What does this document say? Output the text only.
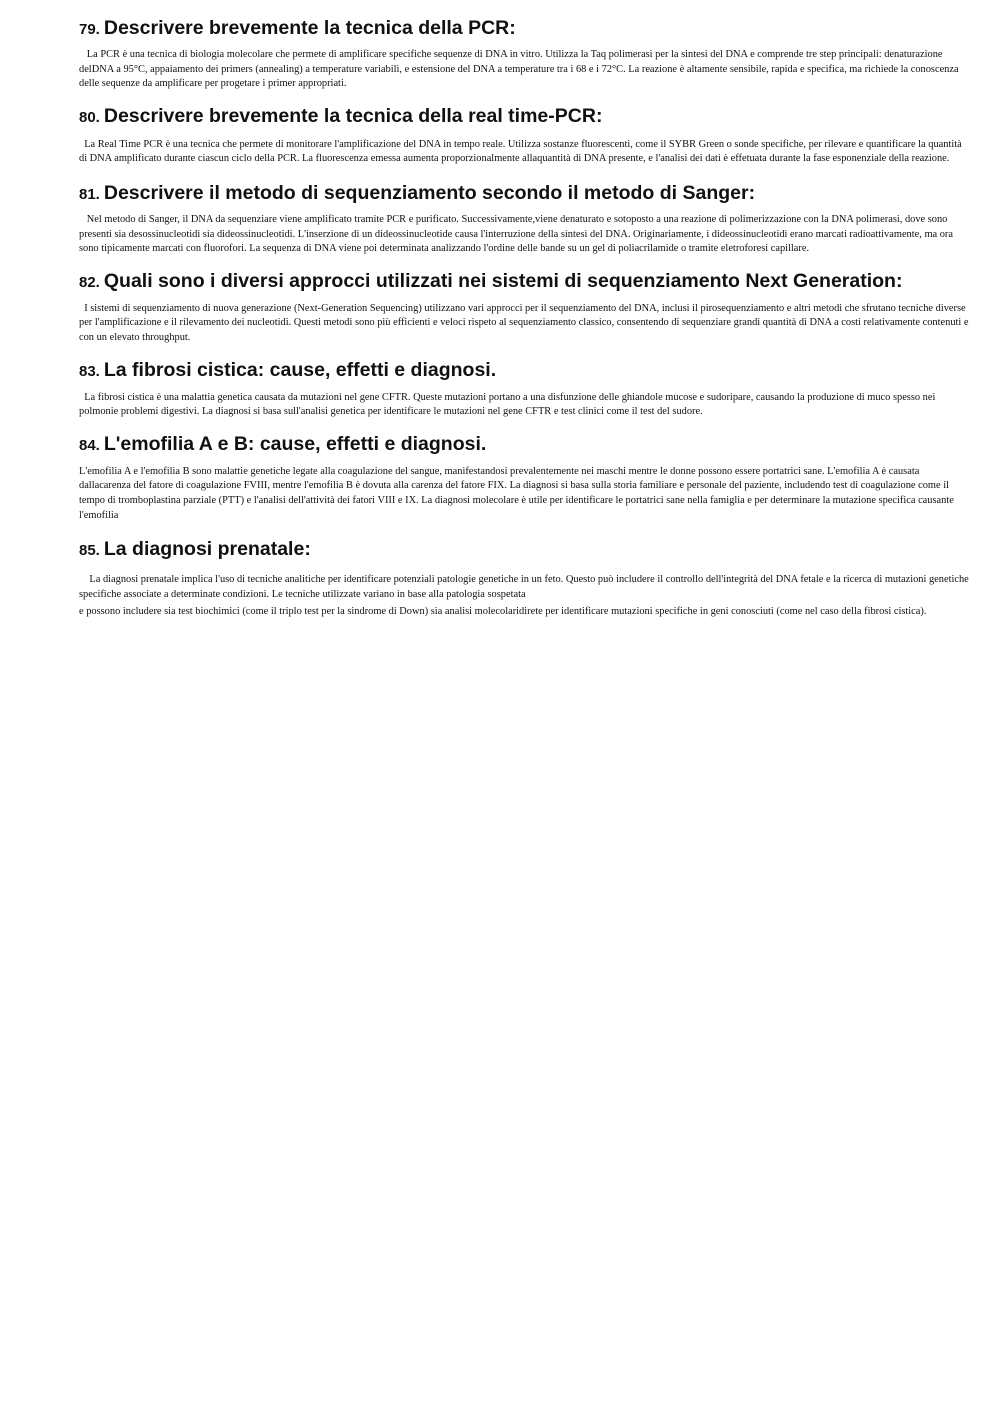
79. Descrivere brevemente la tecnica della PCR:

La PCR è una tecnica di biologia molecolare che permete di amplificare specifiche sequenze di DNA in vitro. Utilizza la Taq polimerasi per la sintesi del DNA e comprende tre step principali: denaturazione delDNA a 95°C, appaiamento dei primers (annealing) a temperature variabili, e estensione del DNA a temperature tra i 68 e i 72°C. La reazione è altamente sensibile, rapida e specifica, ma richiede la conoscenza delle sequenze da amplificare per progetare i primer appropriati.

80. Descrivere brevemente la tecnica della real time-PCR:

La Real Time PCR è una tecnica che permete di monitorare l'amplificazione del DNA in tempo reale. Utilizza sostanze fluorescenti, come il SYBR Green o sonde specifiche, per rilevare e quantificare la quantità di DNA amplificato durante ciascun ciclo della PCR. La fluorescenza emessa aumenta proporzionalmente allaquantità di DNA presente, e l'analisi dei dati è effetuata durante la fase esponenziale della reazione.

81. Descrivere il metodo di sequenziamento secondo il metodo di Sanger:

Nel metodo di Sanger, il DNA da sequenziare viene amplificato tramite PCR e purificato. Successivamente,viene denaturato e sotoposto a una reazione di polimerizzazione con la DNA polimerasi, dove sono presenti sia desossinucleotidi sia dideossinucleotidi. L'inserzione di un dideossinucleotide causa l'interruzione della sintesi del DNA. Originariamente, i dideossinucleotidi erano marcati radioattivamente, ma ora sono tipicamente marcati con fluorofori. La sequenza di DNA viene poi determinata analizzando l'ordine delle bande su un gel di poliacrilamide o tramite eletroforesi capillare.

82. Quali sono i diversi approcci utilizzati nei sistemi di sequenziamento Next Generation:

I sistemi di sequenziamento di nuova generazione (Next-Generation Sequencing) utilizzano vari approcci per il sequenziamento del DNA, inclusi il pirosequenziamento e altri metodi che sfrutano tecniche diverse per l'amplificazione e il rilevamento dei nucleotidi. Questi metodi sono più efficienti e veloci rispeto al sequenziamento classico, consentendo di sequenziare grandi quantità di DNA a costi relativamente contenuti e con un elevato throughput.

83. La fibrosi cistica: cause, effetti e diagnosi.

La fibrosi cistica è una malattia genetica causata da mutazioni nel gene CFTR. Queste mutazioni portano a una disfunzione delle ghiandole mucose e sudoripare, causando la produzione di muco spesso nei polmonie problemi digestivi. La diagnosi si basa sull'analisi genetica per identificare le mutazioni nel gene CFTR e test clinici come il test del sudore.

84. L'emofilia A e B: cause, effetti e diagnosi.

L'emofilia A e l'emofilia B sono malattie genetiche legate alla coagulazione del sangue, manifestandosi prevalentemente nei maschi mentre le donne possono essere portatrici sane. L'emofilia A è causata dallacarenza del fatore di coagulazione FVIII, mentre l'emofilia B è dovuta alla carenza del fatore FIX. La diagnosi si basa sulla storia familiare e personale del paziente, includendo test di coagulazione come il tempo di tromboplastina parziale (PTT) e l'analisi dell'attività dei fatori VIII e IX. La diagnosi molecolare è utile per identificare le portatrici sane nella famiglia e per determinare la mutazione specifica causante l'emofilia

85. La diagnosi prenatale:

La diagnosi prenatale implica l'uso di tecniche analitiche per identificare potenziali patologie genetiche in un feto. Questo può includere il controllo dell'integrità del DNA fetale e la ricerca di mutazioni genetiche specifiche associate a determinate condizioni. Le tecniche utilizzate variano in base alla patologia sospetata

e possono includere sia test biochimici (come il triplo test per la sindrome di Down) sia analisi molecolaridirete per identificare mutazioni specifiche in geni conosciuti (come nel caso della fibrosi cistica).
